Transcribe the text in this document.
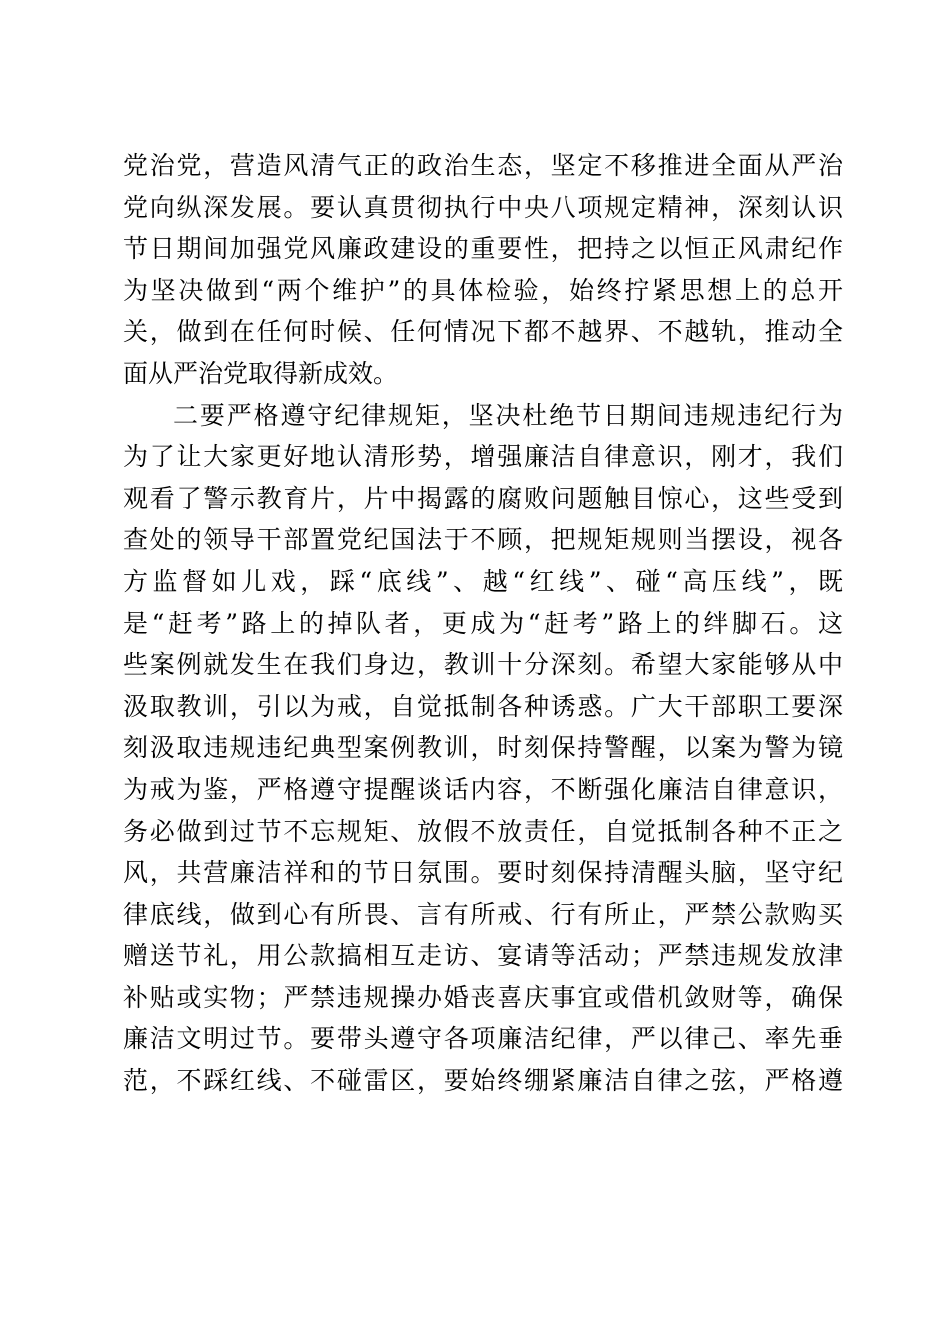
党治党，营造风清气正的政治生态，坚定不移推进全面从严治
党向纵深发展。要认真贯彻执行中央八项规定精神，深刻认识
节日期间加强党风廉政建设的重要性，把持之以恒正风肃纪作
为坚决做到“两个维护”的具体检验，始终拧紧思想上的总开
关，做到在任何时候、任何情况下都不越界、不越轨，推动全
面从严治党取得新成效。
二要严格遵守纪律规矩，坚决杜绝节日期间违规违纪行为
为了让大家更好地认清形势，增强廉洁自律意识，刚才，我们
观看了警示教育片，片中揭露的腐败问题触目惊心，这些受到
查处的领导干部置党纪国法于不顾，把规矩规则当摆设，视各
方监督如儿戏，踩“底线”、越“红线”、碰“高压线”，既
是“赶考”路上的掉队者，更成为“赶考”路上的绊脚石。这
些案例就发生在我们身边，教训十分深刻。希望大家能够从中
汲取教训，引以为戒，自觉抵制各种诱惑。广大干部职工要深
刻汲取违规违纪典型案例教训，时刻保持警醒，以案为警为镜
为戒为鉴，严格遵守提醒谈话内容，不断强化廉洁自律意识，
务必做到过节不忘规矩、放假不放责任，自觉抵制各种不正之
风，共营廉洁祥和的节日氛围。要时刻保持清醒头脑，坚守纪
律底线，做到心有所畏、言有所戒、行有所止，严禁公款购买
赠送节礼，用公款搞相互走访、宴请等活动；严禁违规发放津
补贴或实物；严禁违规操办婚丧喜庆事宜或借机敛财等，确保
廉洁文明过节。要带头遵守各项廉洁纪律，严以律己、率先垂
范，不踩红线、不碰雷区，要始终绷紧廉洁自律之弦，严格遵
